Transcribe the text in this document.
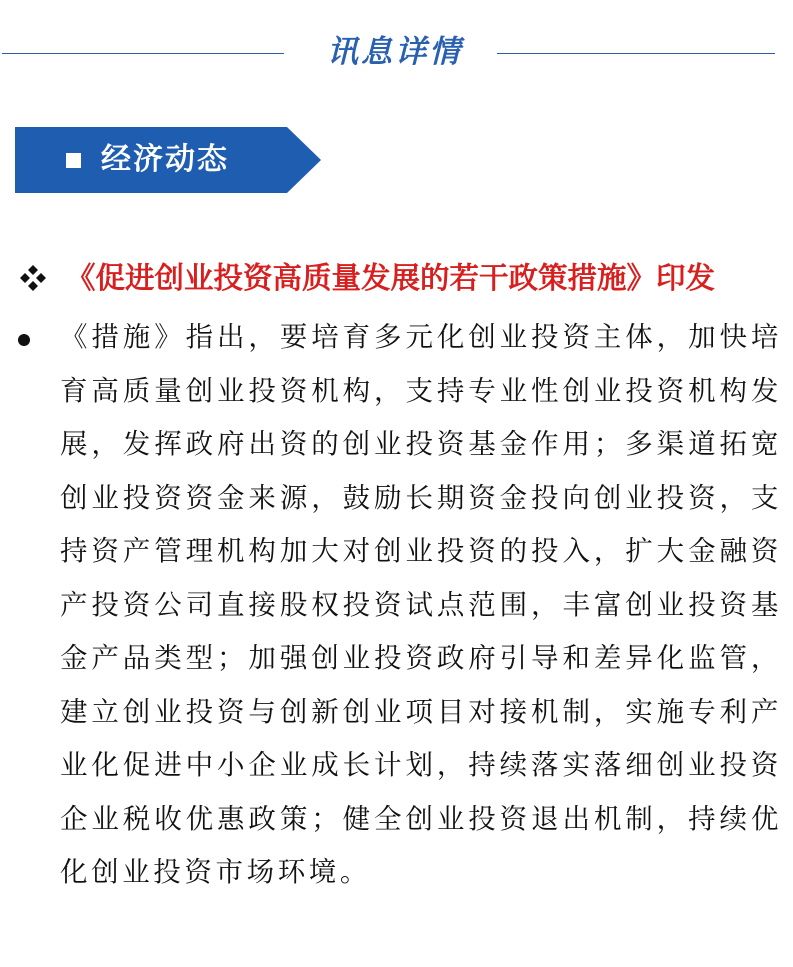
讯息详情
经济动态
《促进创业投资高质量发展的若干政策措施》印发
《措施》指出，要培育多元化创业投资主体，加快培育高质量创业投资机构，支持专业性创业投资机构发展，发挥政府出资的创业投资基金作用；多渠道拓宽创业投资资金来源，鼓励长期资金投向创业投资，支持资产管理机构加大对创业投资的投入，扩大金融资产投资公司直接股权投资试点范围，丰富创业投资基金产品类型；加强创业投资政府引导和差异化监管，建立创业投资与创新创业项目对接机制，实施专利产业化促进中小企业成长计划，持续落实落细创业投资企业税收优惠政策；健全创业投资退出机制，持续优化创业投资市场环境。
